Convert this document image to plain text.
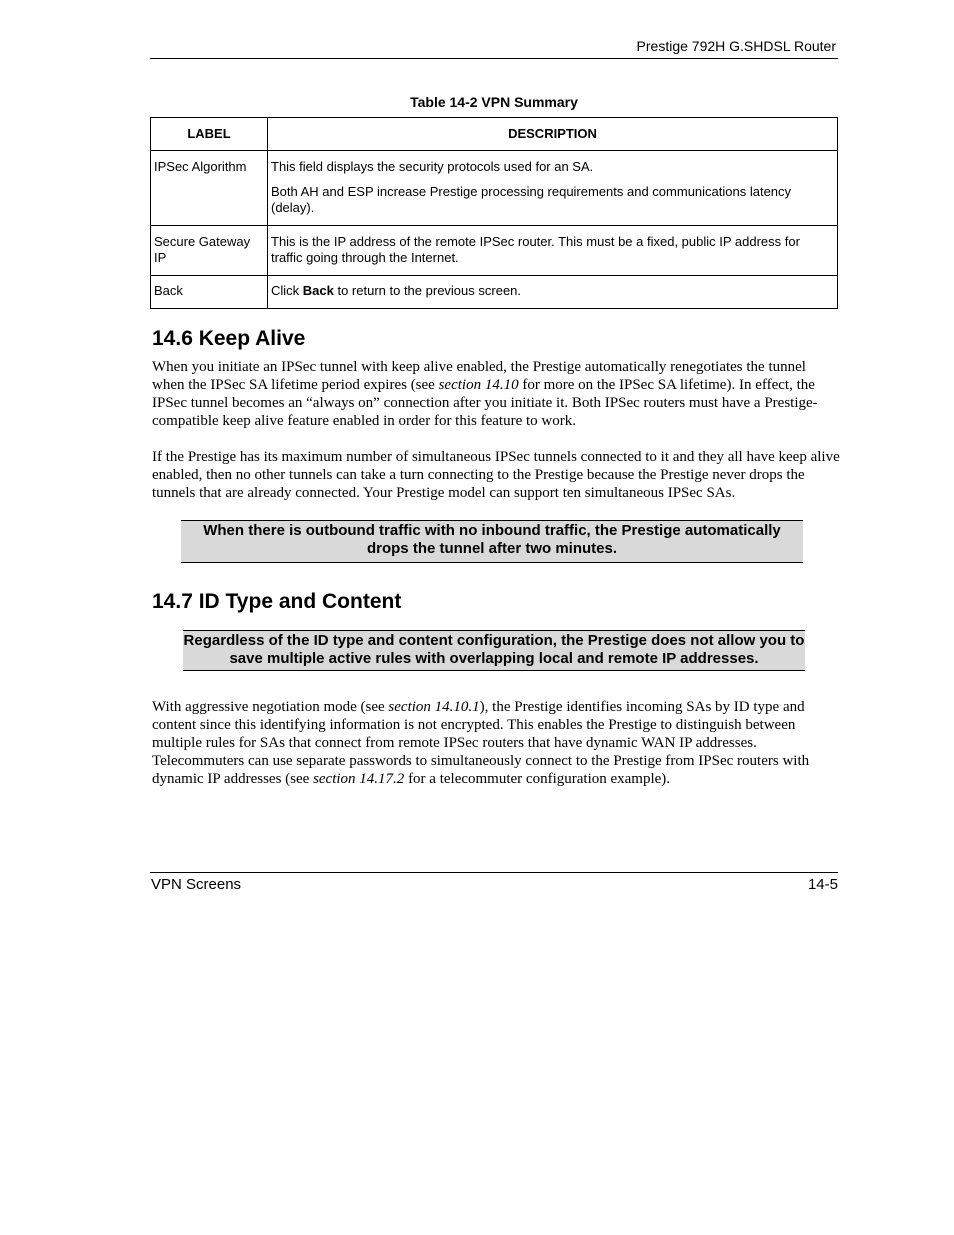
Prestige 792H G.SHDSL Router
Table 14-2 VPN Summary
LABEL	DESCRIPTION
IPSec Algorithm	This field displays the security protocols used for an SA.

Both AH and ESP increase Prestige processing requirements and communications latency (delay).

Secure Gateway IP	This is the IP address of the remote IPSec router. This must be a fixed, public IP address for traffic going through the Internet.

Back	Click Back to return to the previous screen.
14.6 Keep Alive

When you initiate an IPSec tunnel with keep alive enabled, the Prestige automatically renegotiates the tunnel when the IPSec SA lifetime period expires (see section 14.10 for more on the IPSec SA lifetime). In effect, the IPSec tunnel becomes an “always on” connection after you initiate it. Both IPSec routers must have a Prestige-compatible keep alive feature enabled in order for this feature to work.

If the Prestige has its maximum number of simultaneous IPSec tunnels connected to it and they all have keep alive enabled, then no other tunnels can take a turn connecting to the Prestige because the Prestige never drops the tunnels that are already connected. Your Prestige model can support ten simultaneous IPSec SAs.

When there is outbound traffic with no inbound traffic, the Prestige automatically drops the tunnel after two minutes.
14.7 ID Type and Content
Regardless of the ID type and content configuration, the Prestige does not allow you to save multiple active rules with overlapping local and remote IP addresses.

With aggressive negotiation mode (see section 14.10.1), the Prestige identifies incoming SAs by ID type and content since this identifying information is not encrypted. This enables the Prestige to distinguish between multiple rules for SAs that connect from remote IPSec routers that have dynamic WAN IP addresses. Telecommuters can use separate passwords to simultaneously connect to the Prestige from IPSec routers with dynamic IP addresses (see section 14.17.2 for a telecommuter configuration example).

VPN Screens	14-5
